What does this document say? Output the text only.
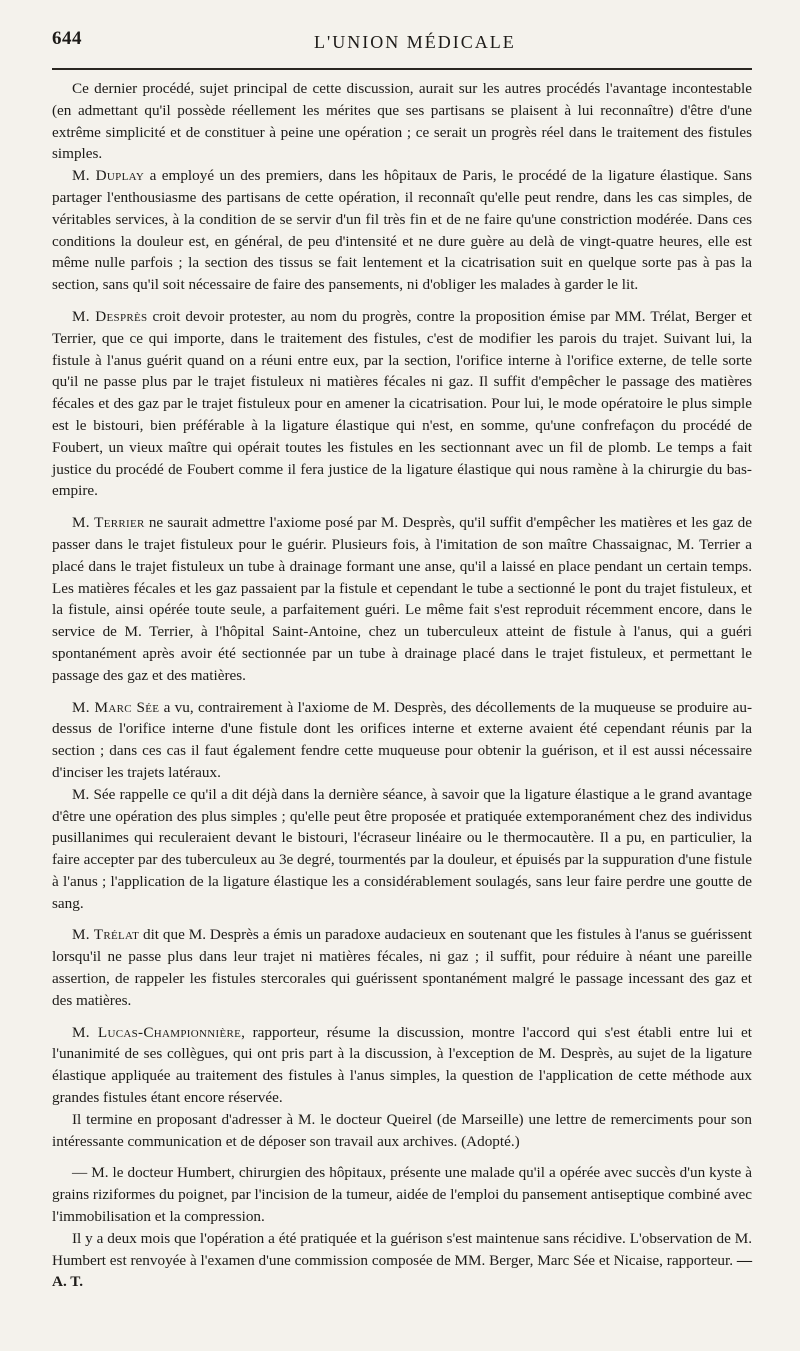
644	L'UNION MÉDICALE

Ce dernier procédé, sujet principal de cette discussion, aurait sur les autres procédés l'avantage incontestable (en admettant qu'il possède réellement les mérites que ses partisans se plaisent à lui reconnaître) d'être d'une extrême simplicité et de constituer à peine une opération ; ce serait un progrès réel dans le traitement des fistules simples.

M. Duplay a employé un des premiers, dans les hôpitaux de Paris, le procédé de la ligature élastique. Sans partager l'enthousiasme des partisans de cette opération, il reconnaît qu'elle peut rendre, dans les cas simples, de véritables services, à la condition de se servir d'un fil très fin et de ne faire qu'une constriction modérée. Dans ces conditions la douleur est, en général, de peu d'intensité et ne dure guère au delà de vingt-quatre heures, elle est même nulle parfois ; la section des tissus se fait lentement et la cicatrisation suit en quelque sorte pas à pas la section, sans qu'il soit nécessaire de faire des pansements, ni d'obliger les malades à garder le lit.

M. Desprès croit devoir protester, au nom du progrès, contre la proposition émise par MM. Trélat, Berger et Terrier, que ce qui importe, dans le traitement des fistules, c'est de modifier les parois du trajet. Suivant lui, la fistule à l'anus guérit quand on a réuni entre eux, par la section, l'orifice interne à l'orifice externe, de telle sorte qu'il ne passe plus par le trajet fistuleux ni matières fécales ni gaz. Il suffit d'empêcher le passage des matières fécales et des gaz par le trajet fistuleux pour en amener la cicatrisation. Pour lui, le mode opératoire le plus simple est le bistouri, bien préférable à la ligature élastique qui n'est, en somme, qu'une confrefaçon du procédé de Foubert, un vieux maître qui opérait toutes les fistules en les sectionnant avec un fil de plomb. Le temps a fait justice du procédé de Foubert comme il fera justice de la ligature élastique qui nous ramène à la chirurgie du bas-empire.

M. Terrier ne saurait admettre l'axiome posé par M. Desprès, qu'il suffit d'empêcher les matières et les gaz de passer dans le trajet fistuleux pour le guérir. Plusieurs fois, à l'imitation de son maître Chassaignac, M. Terrier a placé dans le trajet fistuleux un tube à drainage formant une anse, qu'il a laissé en place pendant un certain temps. Les matières fécales et les gaz passaient par la fistule et cependant le tube a sectionné le pont du trajet fistuleux, et la fistule, ainsi opérée toute seule, a parfaitement guéri. Le même fait s'est reproduit récemment encore, dans le service de M. Terrier, à l'hôpital Saint-Antoine, chez un tuberculeux atteint de fistule à l'anus, qui a guéri spontanément après avoir été sectionnée par un tube à drainage placé dans le trajet fistuleux, et permettant le passage des gaz et des matières.

M. Marc Sée a vu, contrairement à l'axiome de M. Desprès, des décollements de la muqueuse se produire au-dessus de l'orifice interne d'une fistule dont les orifices interne et externe avaient été cependant réunis par la section ; dans ces cas il faut également fendre cette muqueuse pour obtenir la guérison, et il est aussi nécessaire d'inciser les trajets latéraux.

M. Sée rappelle ce qu'il a dit déjà dans la dernière séance, à savoir que la ligature élastique a le grand avantage d'être une opération des plus simples ; qu'elle peut être proposée et pratiquée extemporanément chez des individus pusillanimes qui reculeraient devant le bistouri, l'écraseur linéaire ou le thermocautère. Il a pu, en particulier, la faire accepter par des tuberculeux au 3e degré, tourmentés par la douleur, et épuisés par la suppuration d'une fistule à l'anus ; l'application de la ligature élastique les a considérablement soulagés, sans leur faire perdre une goutte de sang.

M. Trélat dit que M. Desprès a émis un paradoxe audacieux en soutenant que les fistules à l'anus se guérissent lorsqu'il ne passe plus dans leur trajet ni matières fécales, ni gaz ; il suffit, pour réduire à néant une pareille assertion, de rappeler les fistules stercorales qui guérissent spontanément malgré le passage incessant des gaz et des matières.

M. Lucas-Championnière, rapporteur, résume la discussion, montre l'accord qui s'est établi entre lui et l'unanimité de ses collègues, qui ont pris part à la discussion, à l'exception de M. Desprès, au sujet de la ligature élastique appliquée au traitement des fistules à l'anus simples, la question de l'application de cette méthode aux grandes fistules étant encore réservée.

Il termine en proposant d'adresser à M. le docteur Queirel (de Marseille) une lettre de remerciments pour son intéressante communication et de déposer son travail aux archives. (Adopté.)

— M. le docteur Humbert, chirurgien des hôpitaux, présente une malade qu'il a opérée avec succès d'un kyste à grains riziformes du poignet, par l'incision de la tumeur, aidée de l'emploi du pansement antiseptique combiné avec l'immobilisation et la compression.

Il y a deux mois que l'opération a été pratiquée et la guérison s'est maintenue sans récidive. L'observation de M. Humbert est renvoyée à l'examen d'une commission composée de MM. Berger, Marc Sée et Nicaise, rapporteur. — A. T.
